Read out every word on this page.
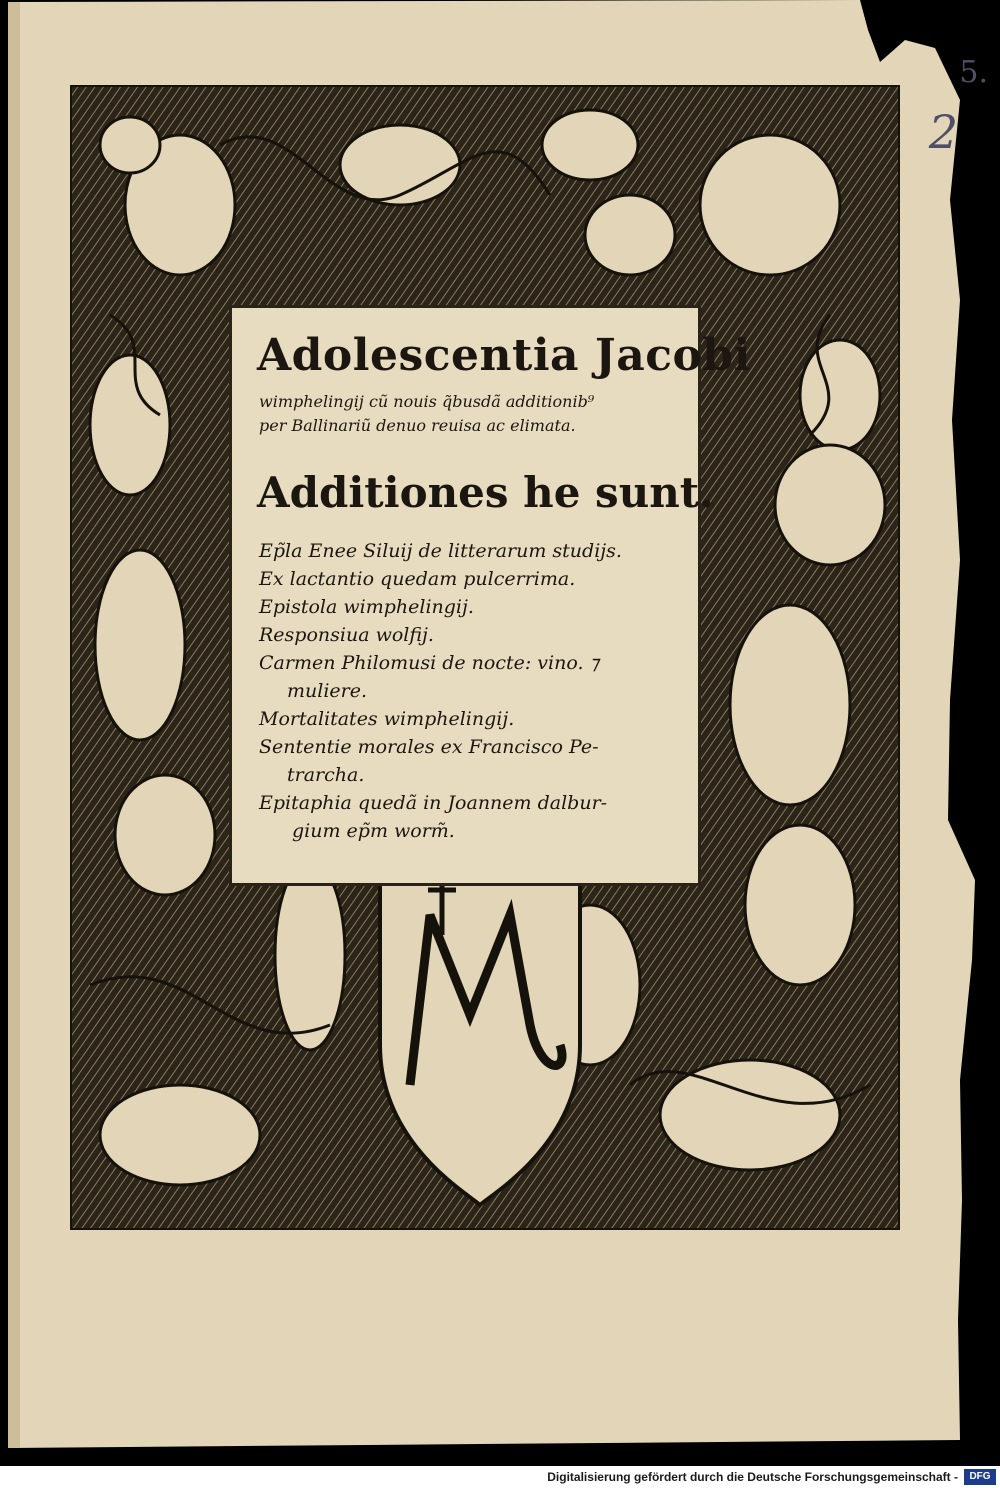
Adolescentia Jacobi
wimphelingij cũ nouis q̃busdã additionib⁹
per Ballinariũ denuo reuisa ac elimata.
Additiones he sunt.
Ep̃la Enee Siluij de litterarum studijs.
Ex lactantio quedam pulcerrima.
Epistola wimphelingij.
Responsiua wolfij.
Carmen Philomusi de nocte: vino. ⁊
muliere.
Mortalitates wimphelingij.
Sententie morales ex Francisco Pe-
trarcha.
Epitaphia quedã in Joannem dalbur-
gium ep̃m worm̃.
5.
2
Digitalisierung gefördert durch die Deutsche Forschungsgemeinschaft -	DFG
